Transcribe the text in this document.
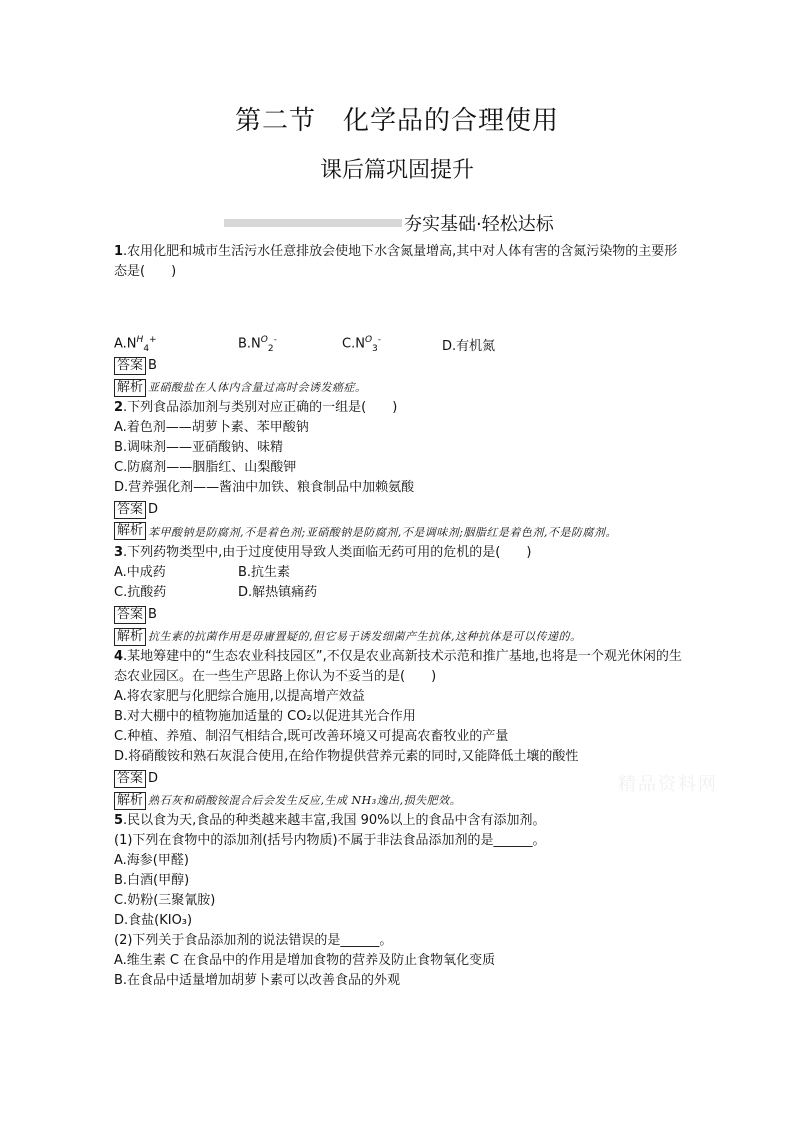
第二节　化学品的合理使用
课后篇巩固提升
夯实基础·轻松达标
1.农用化肥和城市生活污水任意排放会使地下水含氮量增高,其中对人体有害的含氮污染物的主要形态是(　　)
$A.N^H_4^+$	$B.N^O_2^-$	$C.N^O_3^-$	D.有机氮
答案 B
解析 亚硝酸盐在人体内含量过高时会诱发癌症。
2.下列食品添加剂与类别对应正确的一组是(　　)
A.着色剂——胡萝卜素、苯甲酸钠
B.调味剂——亚硝酸钠、味精
C.防腐剂——胭脂红、山梨酸钾
D.营养强化剂——酱油中加铁、粮食制品中加赖氨酸
答案 D
解析 苯甲酸钠是防腐剂,不是着色剂;亚硝酸钠是防腐剂,不是调味剂;胭脂红是着色剂,不是防腐剂。
3.下列药物类型中,由于过度使用导致人类面临无药可用的危机的是(　　)
A.中成药	B.抗生素
C.抗酸药	D.解热镇痛药
答案 B
解析 抗生素的抗菌作用是毋庸置疑的,但它易于诱发细菌产生抗体,这种抗体是可以传递的。
4.某地筹建中的“生态农业科技园区”,不仅是农业高新技术示范和推广基地,也将是一个观光休闲的生态农业园区。在一些生产思路上你认为不妥当的是(　　)
A.将农家肥与化肥综合施用,以提高增产效益
B.对大棚中的植物施加适量的 CO₂以促进其光合作用
C.种植、养殖、制沼气相结合,既可改善环境又可提高农畜牧业的产量
D.将硝酸铵和熟石灰混合使用,在给作物提供营养元素的同时,又能降低土壤的酸性
答案 D
解析 熟石灰和硝酸铵混合后会发生反应,生成 NH₃逸出,损失肥效。
5.民以食为天,食品的种类越来越丰富,我国 90%以上的食品中含有添加剂。
(1)下列在食物中的添加剂(括号内物质)不属于非法食品添加剂的是______。
A.海参(甲醛)
B.白酒(甲醇)
C.奶粉(三聚氰胺)
D.食盐(KIO₃)
(2)下列关于食品添加剂的说法错误的是______。
A.维生素 C 在食品中的作用是增加食物的营养及防止食物氧化变质
B.在食品中适量增加胡萝卜素可以改善食品的外观
精品资料网
